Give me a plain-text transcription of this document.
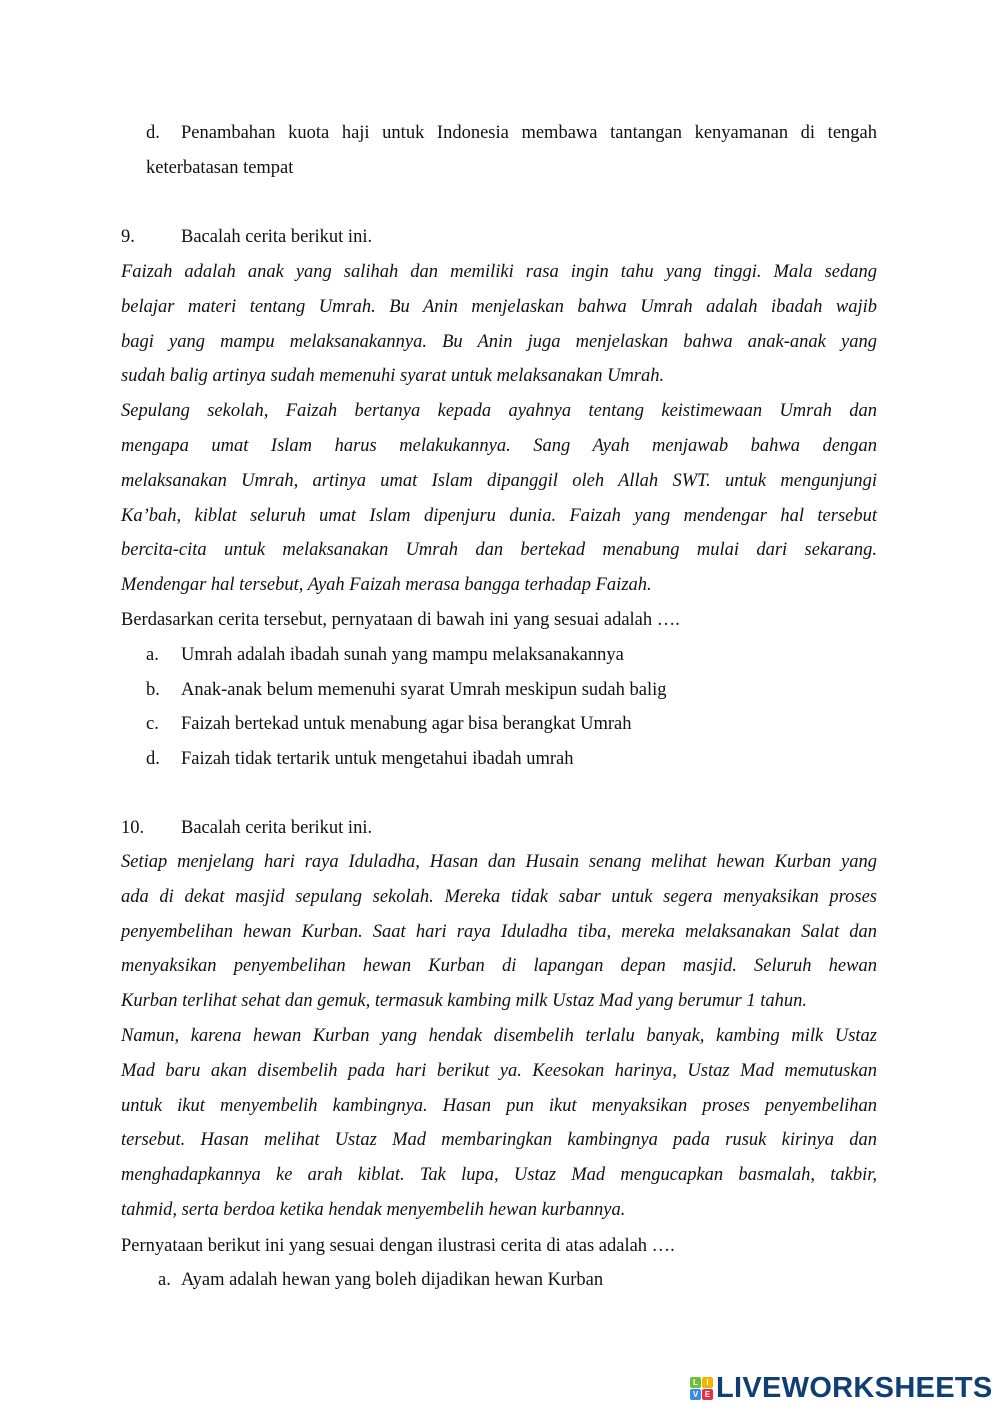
d. Penambahan kuota haji untuk Indonesia membawa tantangan kenyamanan di tengah
keterbatasan tempat
9. Bacalah cerita berikut ini.
Faizah adalah anak yang salihah dan memiliki rasa ingin tahu yang tinggi. Mala sedang
belajar materi tentang Umrah. Bu Anin menjelaskan bahwa Umrah adalah ibadah wajib
bagi yang mampu melaksanakannya. Bu Anin juga menjelaskan bahwa anak-anak yang
sudah balig artinya sudah memenuhi syarat untuk melaksanakan Umrah.
Sepulang sekolah, Faizah bertanya kepada ayahnya tentang keistimewaan Umrah dan
mengapa umat Islam harus melakukannya. Sang Ayah menjawab bahwa dengan
melaksanakan Umrah, artinya umat Islam dipanggil oleh Allah SWT. untuk mengunjungi
Ka’bah, kiblat seluruh umat Islam dipenjuru dunia. Faizah yang mendengar hal tersebut
bercita-cita untuk melaksanakan Umrah dan bertekad menabung mulai dari sekarang.
Mendengar hal tersebut, Ayah Faizah merasa bangga terhadap Faizah.
Berdasarkan cerita tersebut, pernyataan di bawah ini yang sesuai adalah ….
a. Umrah adalah ibadah sunah yang mampu melaksanakannya
b. Anak-anak belum memenuhi syarat Umrah meskipun sudah balig
c. Faizah bertekad untuk menabung agar bisa berangkat Umrah
d. Faizah tidak tertarik untuk mengetahui ibadah umrah
10. Bacalah cerita berikut ini.
Setiap menjelang hari raya Iduladha, Hasan dan Husain senang melihat hewan Kurban yang
ada di dekat masjid sepulang sekolah. Mereka tidak sabar untuk segera menyaksikan proses
penyembelihan hewan Kurban. Saat hari raya Iduladha tiba, mereka melaksanakan Salat dan
menyaksikan penyembelihan hewan Kurban di lapangan depan masjid. Seluruh hewan
Kurban terlihat sehat dan gemuk, termasuk kambing milk Ustaz Mad yang berumur 1 tahun.
Namun, karena hewan Kurban yang hendak disembelih terlalu banyak, kambing milk Ustaz
Mad baru akan disembelih pada hari berikut ya. Keesokan harinya, Ustaz Mad memutuskan
untuk ikut menyembelih kambingnya. Hasan pun ikut menyaksikan proses penyembelihan
tersebut. Hasan melihat Ustaz Mad membaringkan kambingnya pada rusuk kirinya dan
menghadapkannya ke arah kiblat. Tak lupa, Ustaz Mad mengucapkan basmalah, takbir,
tahmid, serta berdoa ketika hendak menyembelih hewan kurbannya.
Pernyataan berikut ini yang sesuai dengan ilustrasi cerita di atas adalah ….
a. Ayam adalah hewan yang boleh dijadikan hewan Kurban
L	I
V E LIVEWORKSHEETS
